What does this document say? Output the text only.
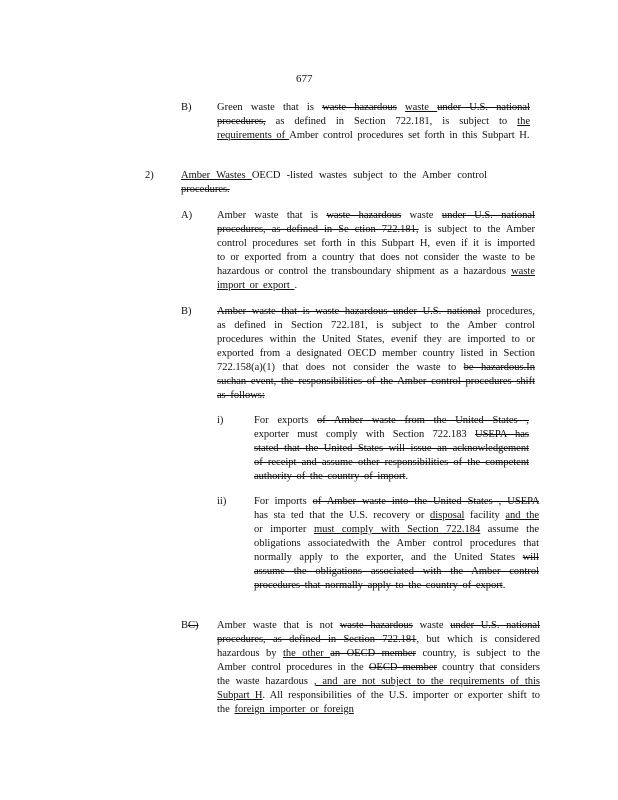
677
B) Green waste that is waste hazardous waste under U.S. national procedures, as defined in Section 722.181, is subject to the requirements of Amber control procedures set forth in this Subpart H.
2)	Amber Wastes OECD -listed wastes subject to the Amber control procedures.
A) Amber waste that is waste hazardous waste under U.S. national procedures, as defined in Se ction 722.181, is subject to the Amber control procedures set forth in this Subpart H, even if it is imported to or exported from a country that does not consider the waste to be hazardous or control the transboundary shipment as a hazardous waste import or export .
B) Amber waste that is waste hazardous under U.S. national procedures, as defined in Section 722.181, is subject to the Amber control procedures within the United States, evenif they are imported to or exported from a designated OECD member country listed in Section 722.158(a)(1) that does not consider the waste to be hazardous.In suchan event, the responsibilities of the Amber control procedures shift as follows:
i)	For exports of Amber waste from the United States , exporter must comply with Section 722.183 USEPA has stated that the United States will issue an acknowledgement of receipt and assume other responsibilities of the competent authority of the country of import.
ii)	For imports of Amber waste into the United States , USEPA has sta ted that the U.S. recovery or disposal facility and the or importer must comply with Section 722.184 assume the obligations associatedwith the Amber control procedures that normally apply to the exporter, and the United States will assume the obligations associated with the Amber control procedures that normally apply to the country of export.
BC) Amber waste that is not waste hazardous waste under U.S. national procedures, as defined in Section 722.181, but which is considered hazardous by the other an OECD member country, is subject to the Amber control procedures in the OECD member country that considers the waste hazardous , and are not subject to the requirements of this Subpart H. All responsibilities of the U.S. importer or exporter shift to the foreign importer or foreign
